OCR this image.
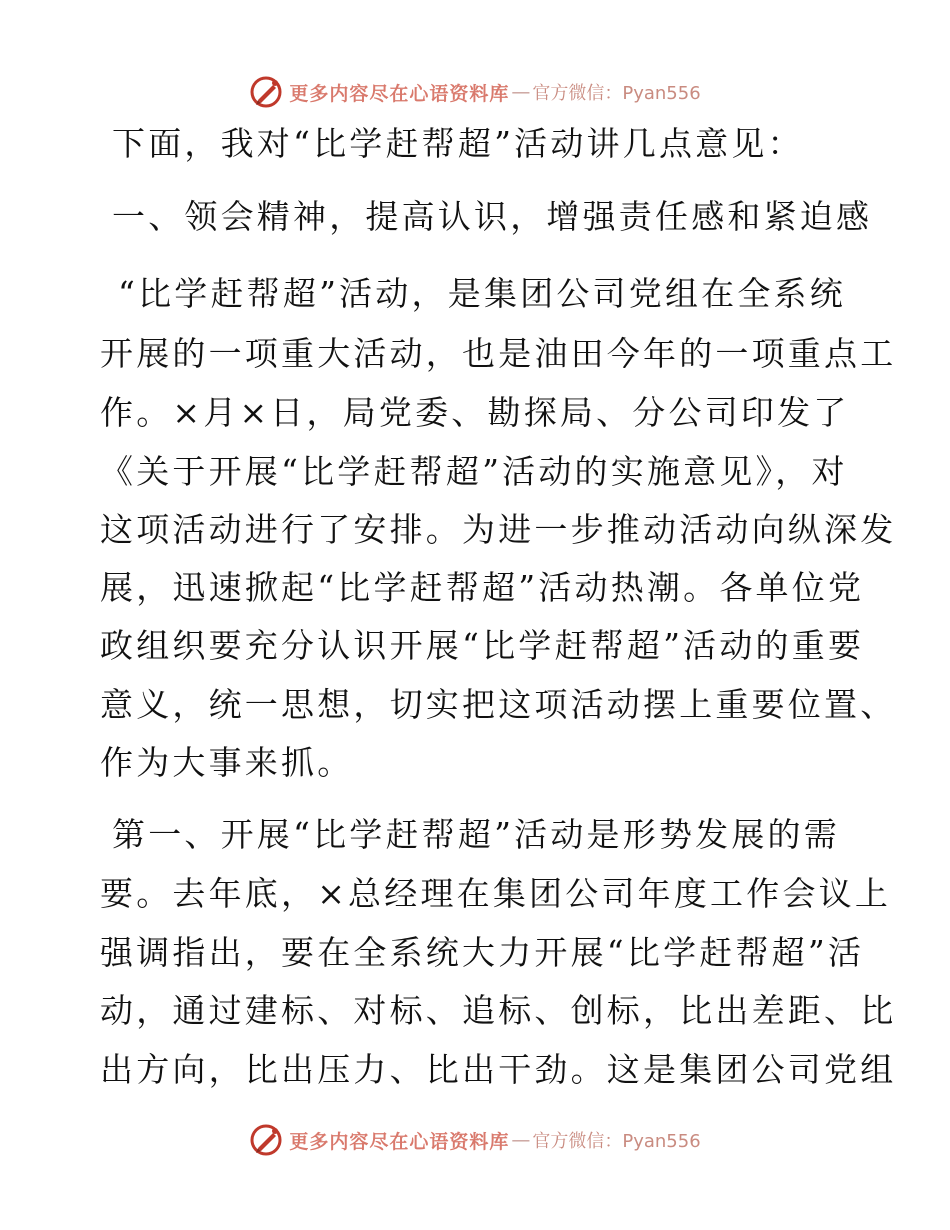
更多内容尽在心语资料库 — 官方微信：Pyan556
下面，我对“比学赶帮超”活动讲几点意见：
一、领会精神，提高认识，增强责任感和紧迫感
“比学赶帮超”活动，是集团公司党组在全系统
开展的一项重大活动，也是油田今年的一项重点工
作。×月×日，局党委、勘探局、分公司印发了
《关于开展“比学赶帮超”活动的实施意见》，对
这项活动进行了安排。为进一步推动活动向纵深发
展，迅速掀起“比学赶帮超”活动热潮。各单位党
政组织要充分认识开展“比学赶帮超”活动的重要
意义，统一思想，切实把这项活动摆上重要位置、
作为大事来抓。
第一、开展“比学赶帮超”活动是形势发展的需
要。去年底，×总经理在集团公司年度工作会议上
强调指出，要在全系统大力开展“比学赶帮超”活
动，通过建标、对标、追标、创标，比出差距、比
出方向，比出压力、比出干劲。这是集团公司党组
更多内容尽在心语资料库 — 官方微信：Pyan556
